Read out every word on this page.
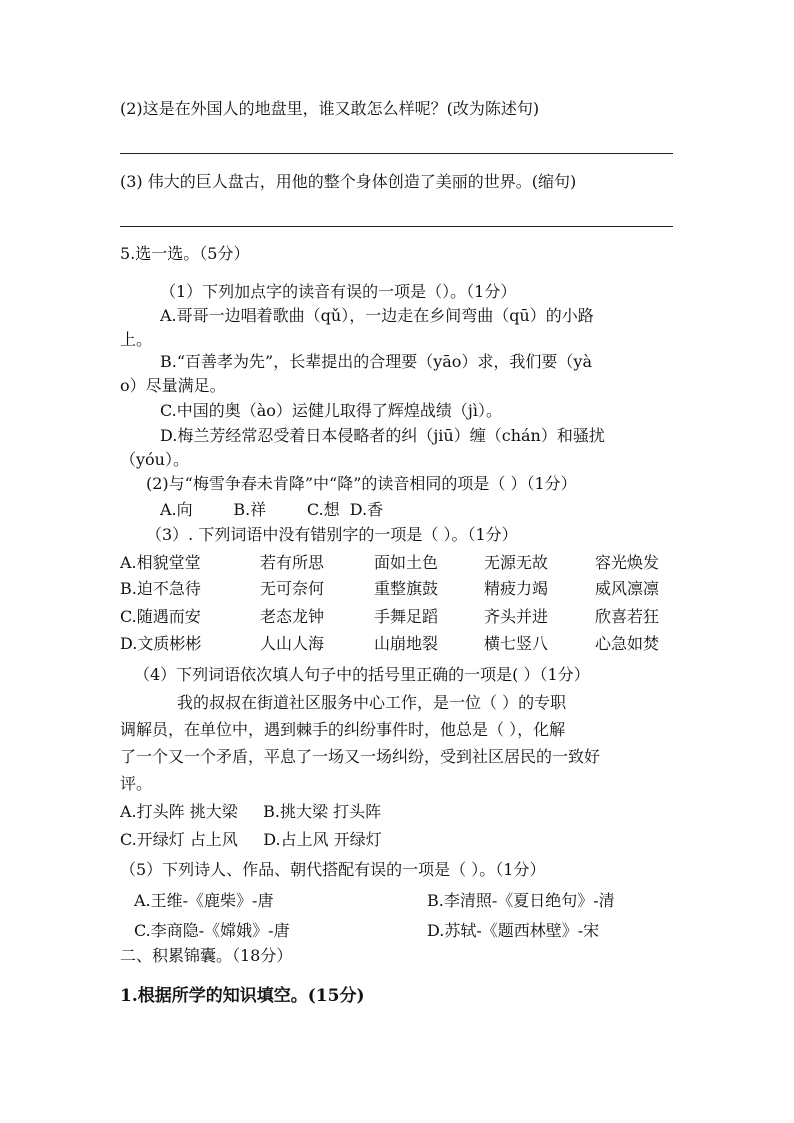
(2)这是在外国人的地盘里，谁又敢怎么样呢？(改为陈述句)
(3) 伟大的巨人盘古，用他的整个身体创造了美丽的世界。(缩句)
5.选一选。（5分）
（1）下列加点字的读音有误的一项是（）。（1分）
A.哥哥一边唱着歌曲（qǔ），一边走在乡间弯曲（qū）的小路
上。
B.“百善孝为先”，长辈提出的合理要（yāo）求，我们要（yà
o）尽量满足。
C.中国的奥（ào）运健儿取得了辉煌战绩（jì）。
D.梅兰芳经常忍受着日本侵略者的纠（jiū）缠（chán）和骚扰
（yóu）。
(2)与“梅雪争春未肯降”中“降”的读音相同的项是（ ）（1分）
A.向        B.祥        C.想  D.香
（3）. 下列词语中没有错别字的一项是（ ）。（1分）
A.相貌堂堂	若有所思	面如土色	无源无故	容光焕发
B.迫不急待	无可奈何	重整旗鼓	精疲力竭	威风凛凛
C.随遇而安	老态龙钟	手舞足蹈	齐头并进	欣喜若狂
D.文质彬彬	人山人海	山崩地裂	横七竖八	心急如焚
（4）下列词语依次填人句子中的括号里正确的一项是( ）（1分）
我的叔叔在街道社区服务中心工作，是一位（ ）的专职
调解员，在单位中，遇到棘手的纠纷事件时，他总是（ ），化解
了一个又一个矛盾，平息了一场又一场纠纷，受到社区居民的一致好
评。
A.打头阵 挑大梁     B.挑大梁 打头阵
C.开绿灯 占上风     D.占上风 开绿灯
（5）下列诗人、作品、朝代搭配有误的一项是（ ）。（1分）
A.王维-《鹿柴》-唐	B.李清照-《夏日绝句》-清
C.李商隐-《嫦娥》-唐	D.苏轼-《题西林壁》-宋
二、积累锦囊。（18分）
1.根据所学的知识填空。(15分)
